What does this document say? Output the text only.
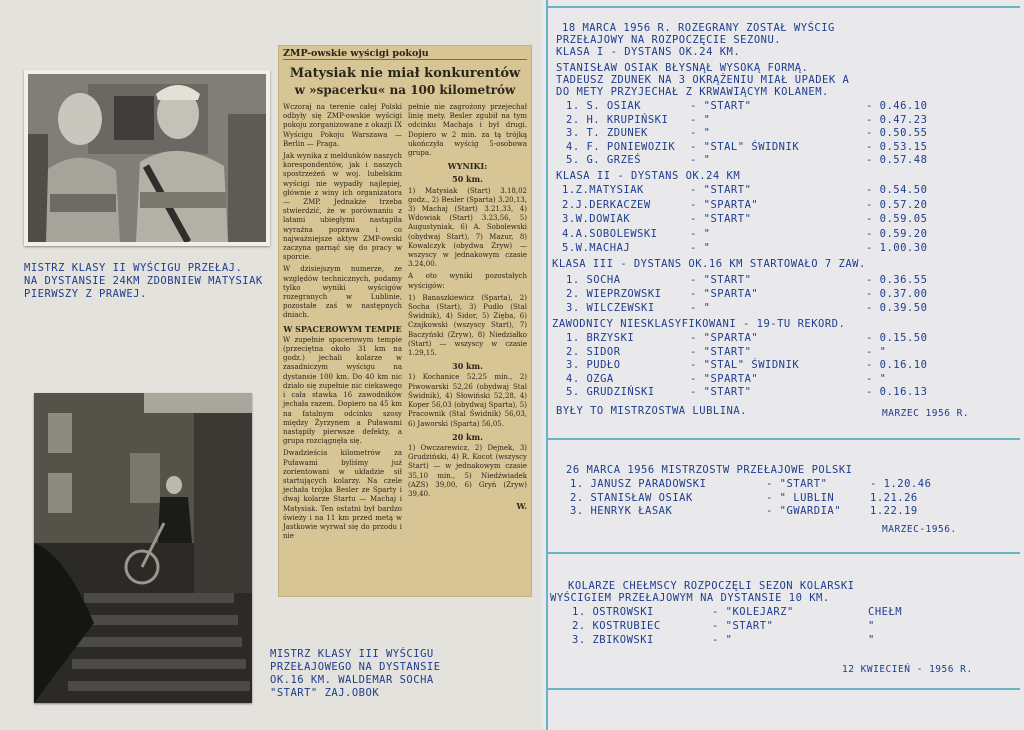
MISTRZ KLASY II WYŚCIGU PRZEŁAJ.
NA DYSTANSIE 24KM ZDOBNIEW MATYSIAK
PIERWSZY Z PRAWEJ.
MISTRZ KLASY III WYŚCIGU
PRZEŁAJOWEGO NA DYSTANSIE
OK.16 KM. WALDEMAR SOCHA
"START" ZAJ.OBOK
ZMP-owskie wyścigi pokoju
Matysiak nie miał konkurentów
w »spacerku« na 100 kilometrów

Wczoraj na terenie całej Polski odbyły się ZMP-owskie wyścigi pokoju zorganizowane z okazji IX Wyścigu Pokoju Warszawa — Berlin — Praga.

Jak wynika z meldunków naszych korespondentów, jak i naszych spostrzeżeń w woj. lubelskim wyścigi nie wypadły najlepiej, głównie z winy ich organizatora — ZMP. Jednakże trzeba stwierdzić, że w porównaniu z latami ubiegłymi nastąpiła wyraźna poprawa i co najważniejsze aktyw ZMP-owski zaczyna garnąć się do pracy w sporcie.

W dzisiejszym numerze, ze względów technicznych, podamy tylko wyniki wyścigów rozegranych w Lublinie, pozostałe zaś w następnych dniach.

W SPACEROWYM TEMPIE

W zupełnie spacerowym tempie (przeciętna około 31 km na godz.) jechali kolarze w zasadniczym wyścigu na dystansie 100 km. Do 40 km nic działo się zupełnie nic ciekawego i cała stawka 16 zawodników jechała razem. Dopiero na 45 km na fatalnym odcinku szosy między Żyrzynem a Puławami nastąpiły pierwsze defekty, a grupa rozciągnęła się.

Dwadzieścia kilometrów za Puławami byliśmy już zorientowani w układzie sił startujących kolarzy. Na czele jechała trójka Besler ze Sparty i dwaj kolarze Startu — Machaj i Matysiak. Ten ostatni był bardzo świeży i na 11 km przed metą w Jastkowie wyrwał się do przodu i nie

pełnie nie zagrożony przejechał linię mety. Besler zgubił na tym odcinku Machaja i był drugi. Dopiero w 2 min. za tą trójką ukończyła wyścig 5-osobowa grupa.

WYNIKI:
50 km.

1) Matysiak (Start) 3.18,02 godz., 2) Besler (Sparta) 3.20,13, 3) Machaj (Start) 3.21,33, 4) Wdowiak (Start) 3.23,56, 5) Augustyniak, 6) A. Sobolewski (obydwaj Start), 7) Mazur, 8) Kowalczyk (obydwa Zryw) — wszyscy w jednakowym czasie 3.24,00.

A oto wyniki pozostałych wyścigów:

1) Banaszkiewicz (Sparta), 2) Socha (Start), 3) Pudło (Stal Świdnik), 4) Sidor, 5) Zięba, 6) Czajkowski (wszyscy Start), 7) Baczyński (Zryw), 8) Niedziałko (Start) — wszyscy w czasie 1.29,15.

30 km.

1) Kochanice 52,25 min., 2) Piwowarski 52,26 (obydwaj Stal Świdnik), 4) Słowiński 52,28, 4) Koper 56,03 (obydwaj Sparta), 5) Pracownik (Stal Świdnik) 56,03, 6) Jaworski (Sparta) 56,05.

20 km.

1) Owczarewicz, 2) Dejnek, 3) Grudziński, 4) R. Kocot (wszyscy Start) — w jednakowym czasie 35,10 min., 5) Niedźwiadek (AZS) 39,00, 6) Gryń (Zryw) 39,40.

W.
18 MARCA 1956 R. ROZEGRANY ZOSTAŁ WYŚCIG
PRZEŁAJOWY NA ROZPOCZĘCIE SEZONU.
KLASA I - DYSTANS OK.24 KM.
STANISŁAW OSIAK BŁYSNĄŁ WYSOKĄ FORMĄ.
TADEUSZ ZDUNEK NA 3 OKRĄŻENIU MIAŁ UPADEK A
DO METY PRZYJECHAŁ Z KRWAWIĄCYM KOLANEM.
1. S. OSIAK	- "START"	- 0.46.10
2. H. KRUPIŃSKI - "	- 0.47.23
3. T. ZDUNEK	- "	- 0.50.55
4. F. PONIEWOZIK - "STAL" ŚWIDNIK	- 0.53.15
5. G. GRZEŚ	- "	- 0.57.48
KLASA II - DYSTANS OK.24 KM
1.Z.MATYSIAK	- "START"	- 0.54.50
2.J.DERKACZEW	- "SPARTA"	- 0.57.20
3.W.DOWIAK	- "START"	- 0.59.05
4.A.SOBOLEWSKI	- "	- 0.59.20
5.W.MACHAJ	- "	- 1.00.30
KLASA III - DYSTANS OK.16 KM STARTOWAŁO 7 ZAW.
1. SOCHA	- "START"	- 0.36.55
2. WIEPRZOWSKI	- "SPARTA"	- 0.37.00
3. WILCZEWSKI	- "	- 0.39.50
ZAWODNICY NIESKLASYFIKOWANI - 19-TU REKORD.
1. BRZYSKI	- "SPARTA"	- 0.15.50
2. SIDOR	- "START"	- "
3. PUDŁO	- "STAL" ŚWIDNIK	- 0.16.10
4. OZGA	- "SPARTA"	- "
5. GRUDZIŃSKI	- "START"	- 0.16.13
BYŁY TO MISTRZOSTWA LUBLINA.	MARZEC 1956 R.
26 MARCA 1956 MISTRZOSTW PRZEŁAJOWE POLSKI
1. JANUSZ PARADOWSKI	- "START"	- 1.20.46
2. STANISŁAW OSIAK	- " LUBLIN	1.21.26
3. HENRYK ŁASAK	- "GWARDIA"	1.22.19
MARZEC-1956.
KOLARZE CHEŁMSCY ROZPOCZĘLI SEZON KOLARSKI
WYŚCIGIEM PRZEŁAJOWYM NA DYSTANSIE 10 KM.
1. OSTROWSKI	- "KOLEJARZ"	CHEŁM
2. KOSTRUBIEC	- "START"	"
3. ZBIKOWSKI	- "	"
12 KWIECIEŃ - 1956 R.
